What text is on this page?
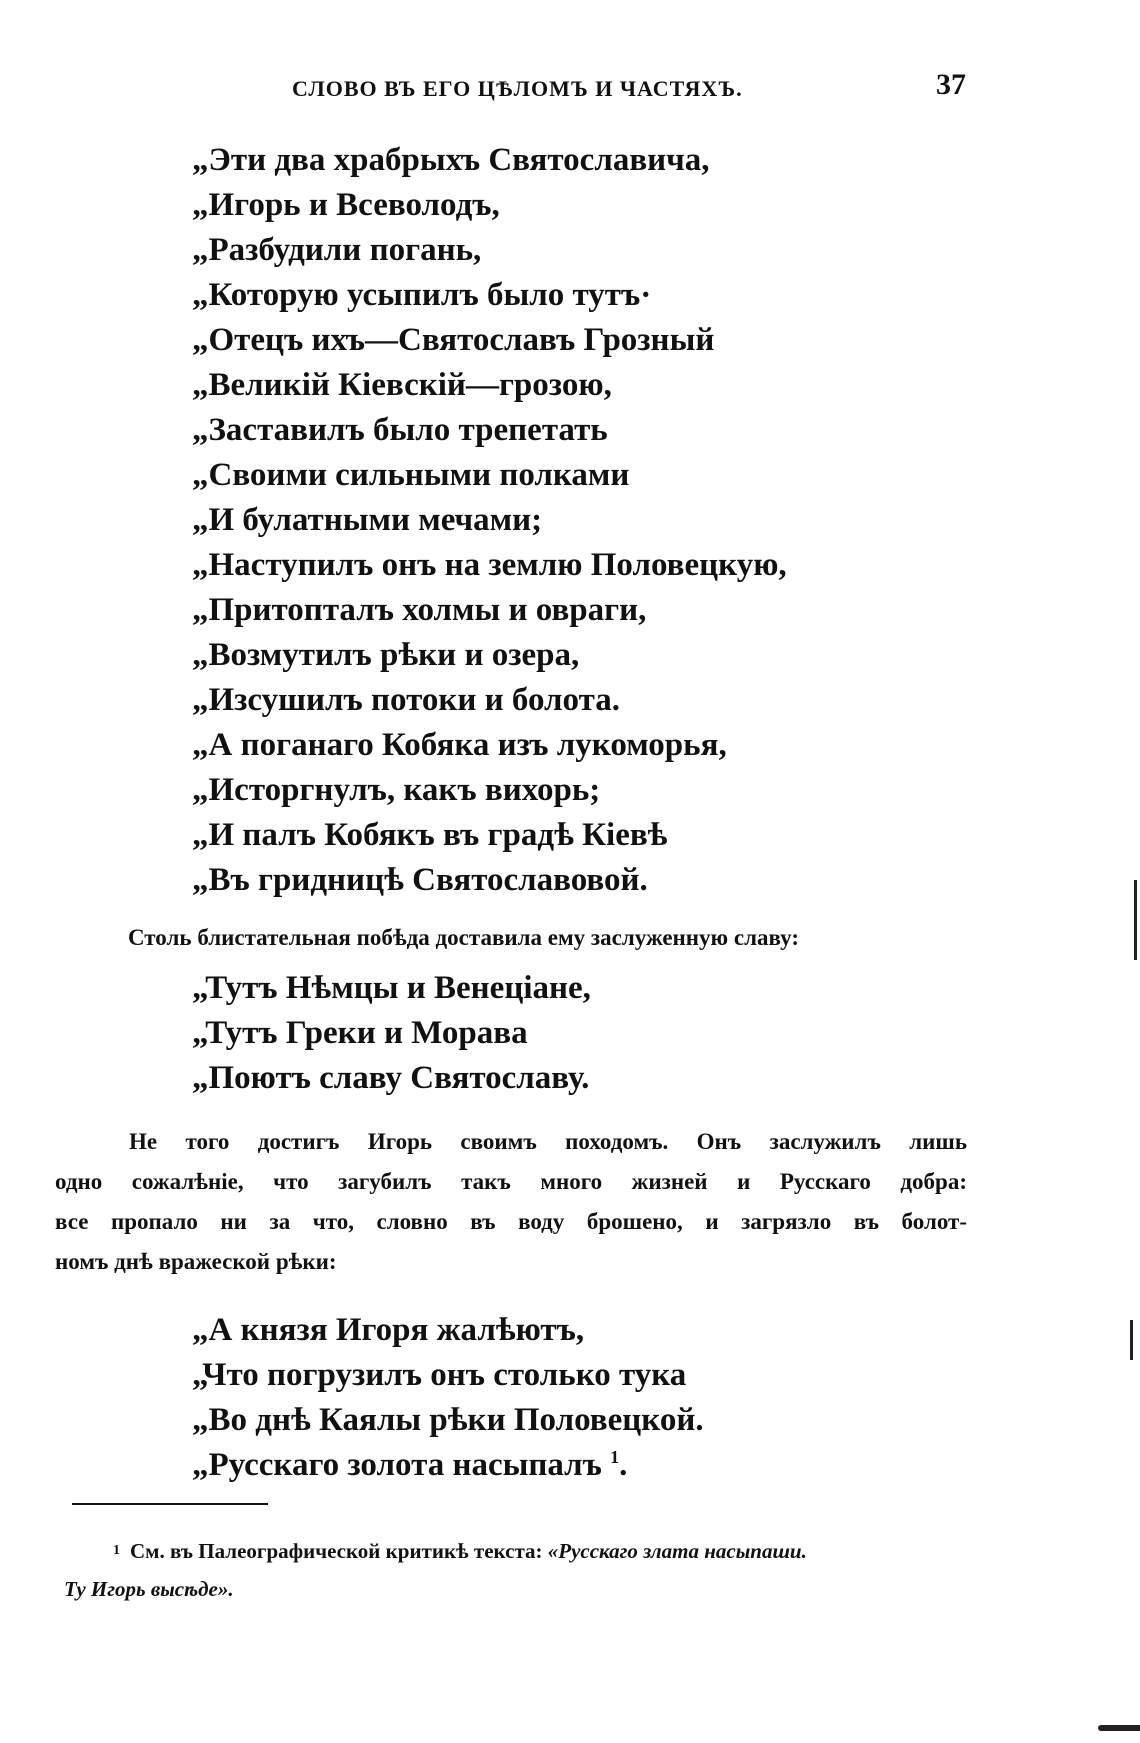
СЛОВО ВЪ ЕГО ЦѢЛОМЪ И ЧАСТЯХЪ.	37
„Эти два храбрыхъ Святославича,
„Игорь и Всеволодъ,
„Разбудили погань,
„Которую усыпилъ было тутъ·
„Отецъ ихъ—Святославъ Грозный
„Великій Кіевскій—грозою,
„Заставилъ было трепетать
„Своими сильными полками
„И булатными мечами;
„Наступилъ онъ на землю Половецкую,
„Притопталъ холмы и овраги,
„Возмутилъ рѣки и озера,
„Изсушилъ потоки и болота.
„А поганаго Кобяка изъ лукоморья,
„Исторгнулъ, какъ вихорь;
„И палъ Кобякъ въ градѣ Кіевѣ
„Въ гридницѣ Святославовой.

Столь блистательная побѣда доставила ему заслуженную славу:

„Тутъ Нѣмцы и Венеціане,
„Тутъ Греки и Морава
„Поютъ славу Святославу.

Не того достигъ Игорь своимъ походомъ. Онъ заслужилъ лишь
одно сожалѣніе, что загубилъ такъ много жизней и Русскаго добра:
все пропало ни за что, словно въ воду брошено, и загрязло въ болот-
номъ днѣ вражеской рѣки:

„А князя Игоря жалѣютъ,
„Что погрузилъ онъ столько тука
„Во днѣ Каялы рѣки Половецкой.
„Русскаго золота насыпалъ $^1$.

1 См. въ Палеографической критикѣ текста: «Русскаго злата насыпаши.
Ту Игорь высѣде».
